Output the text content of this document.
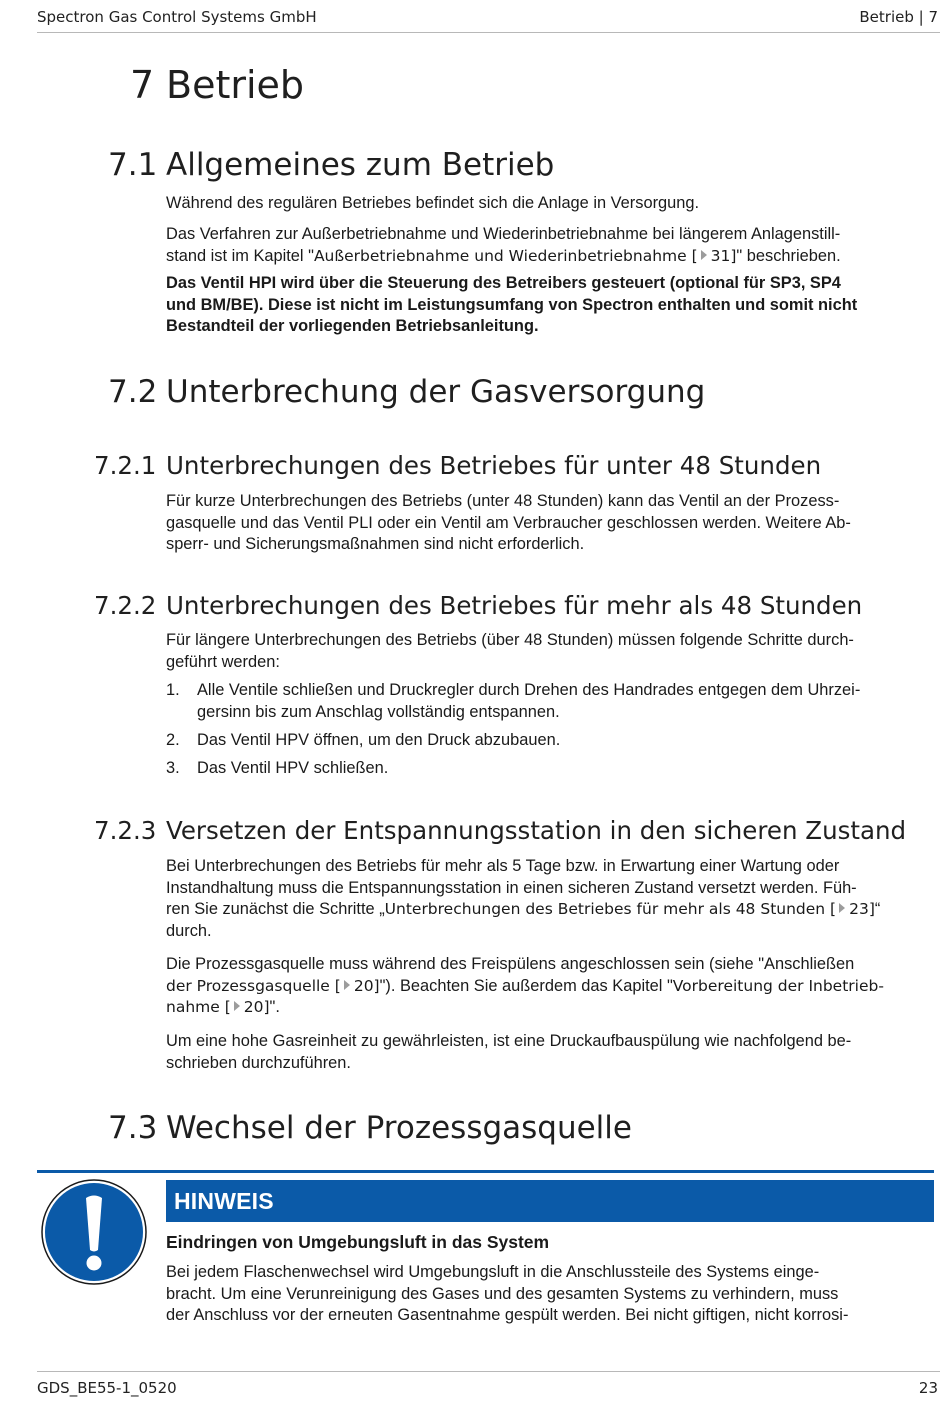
Spectron Gas Control Systems GmbH	Betrieb | 7
7 Betrieb
7.1 Allgemeines zum Betrieb
Während des regulären Betriebes befindet sich die Anlage in Versorgung.
Das Verfahren zur Außerbetriebnahme und Wiederinbetriebnahme bei längerem Anlagenstill-
stand ist im Kapitel "Außerbetriebnahme und Wiederinbetriebnahme [ 31]" beschrieben.
Das Ventil HPI wird über die Steuerung des Betreibers gesteuert (optional für SP3, SP4
und BM/BE). Diese ist nicht im Leistungsumfang von Spectron enthalten und somit nicht
Bestandteil der vorliegenden Betriebsanleitung.
7.2 Unterbrechung der Gasversorgung
7.2.1 Unterbrechungen des Betriebes für unter 48 Stunden
Für kurze Unterbrechungen des Betriebs (unter 48 Stunden) kann das Ventil an der Prozess-
gasquelle und das Ventil PLI oder ein Ventil am Verbraucher geschlossen werden. Weitere Ab-
sperr- und Sicherungsmaßnahmen sind nicht erforderlich.
7.2.2 Unterbrechungen des Betriebes für mehr als 48 Stunden
Für längere Unterbrechungen des Betriebs (über 48 Stunden) müssen folgende Schritte durch-
geführt werden:
1. Alle Ventile schließen und Druckregler durch Drehen des Handrades entgegen dem Uhrzei-
gersinn bis zum Anschlag vollständig entspannen.
2. Das Ventil HPV öffnen, um den Druck abzubauen.
3. Das Ventil HPV schließen.
7.2.3 Versetzen der Entspannungsstation in den sicheren Zustand
Bei Unterbrechungen des Betriebs für mehr als 5 Tage bzw. in Erwartung einer Wartung oder
Instandhaltung muss die Entspannungsstation in einen sicheren Zustand versetzt werden. Füh-
ren Sie zunächst die Schritte „Unterbrechungen des Betriebes für mehr als 48 Stunden [ 23]“
durch.
Die Prozessgasquelle muss während des Freispülens angeschlossen sein (siehe "Anschließen
der Prozessgasquelle [ 20]"). Beachten Sie außerdem das Kapitel "Vorbereitung der Inbetrieb-
nahme [ 20]".
Um eine hohe Gasreinheit zu gewährleisten, ist eine Druckaufbauspülung wie nachfolgend be-
schrieben durchzuführen.
7.3 Wechsel der Prozessgasquelle
HINWEIS
Eindringen von Umgebungsluft in das System
Bei jedem Flaschenwechsel wird Umgebungsluft in die Anschlussteile des Systems einge-
bracht. Um eine Verunreinigung des Gases und des gesamten Systems zu verhindern, muss
der Anschluss vor der erneuten Gasentnahme gespült werden. Bei nicht giftigen, nicht korrosi-
GDS_BE55-1_0520	23
